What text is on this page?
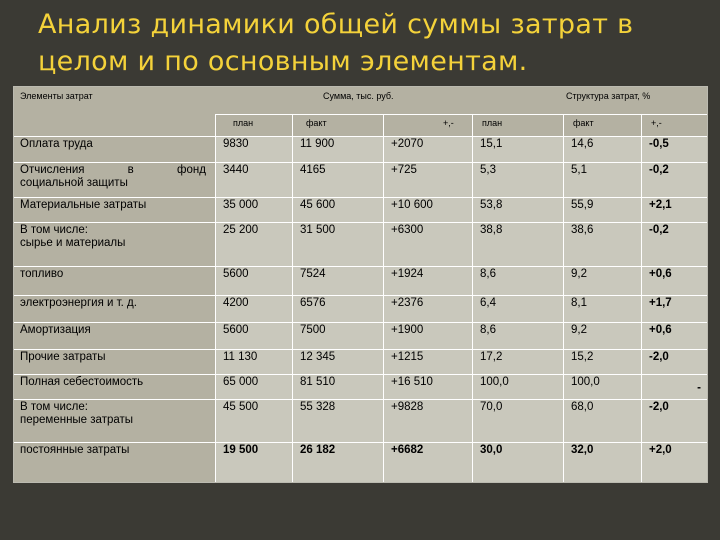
Анализ динамики общей суммы затрат в целом и по основным элементам.
Элементы затрат	Сумма, тыс. руб.	Структура затрат, %
план	факт	+,-	план	факт	+,-
Оплата труда	9830	11 900	+2070	15,1	14,6	-0,5
Отчисления в фонд
социальной защиты
3440	4165	+725	5,3	5,1	-0,2
Материальные затраты	35 000	45 600	+10 600	53,8	55,9	+2,1
В том числе:
сырье и материалы
25 200	31 500	+6300	38,8	38,6	-0,2
топливо	5600	7524	+1924	8,6	9,2	+0,6
электроэнергия и т. д.	4200	6576	+2376	6,4	8,1	+1,7
Амортизация	5600	7500	+1900	8,6	9,2	+0,6
Прочие затраты	11 130	12 345	+1215	17,2	15,2	-2,0
Полная себестоимость	65 000	81 510	+16 510	100,0	100,0	-
В том числе:
переменные затраты
45 500	55 328	+9828	70,0	68,0	-2,0
постоянные затраты	19 500	26 182	+6682	30,0	32,0	+2,0
